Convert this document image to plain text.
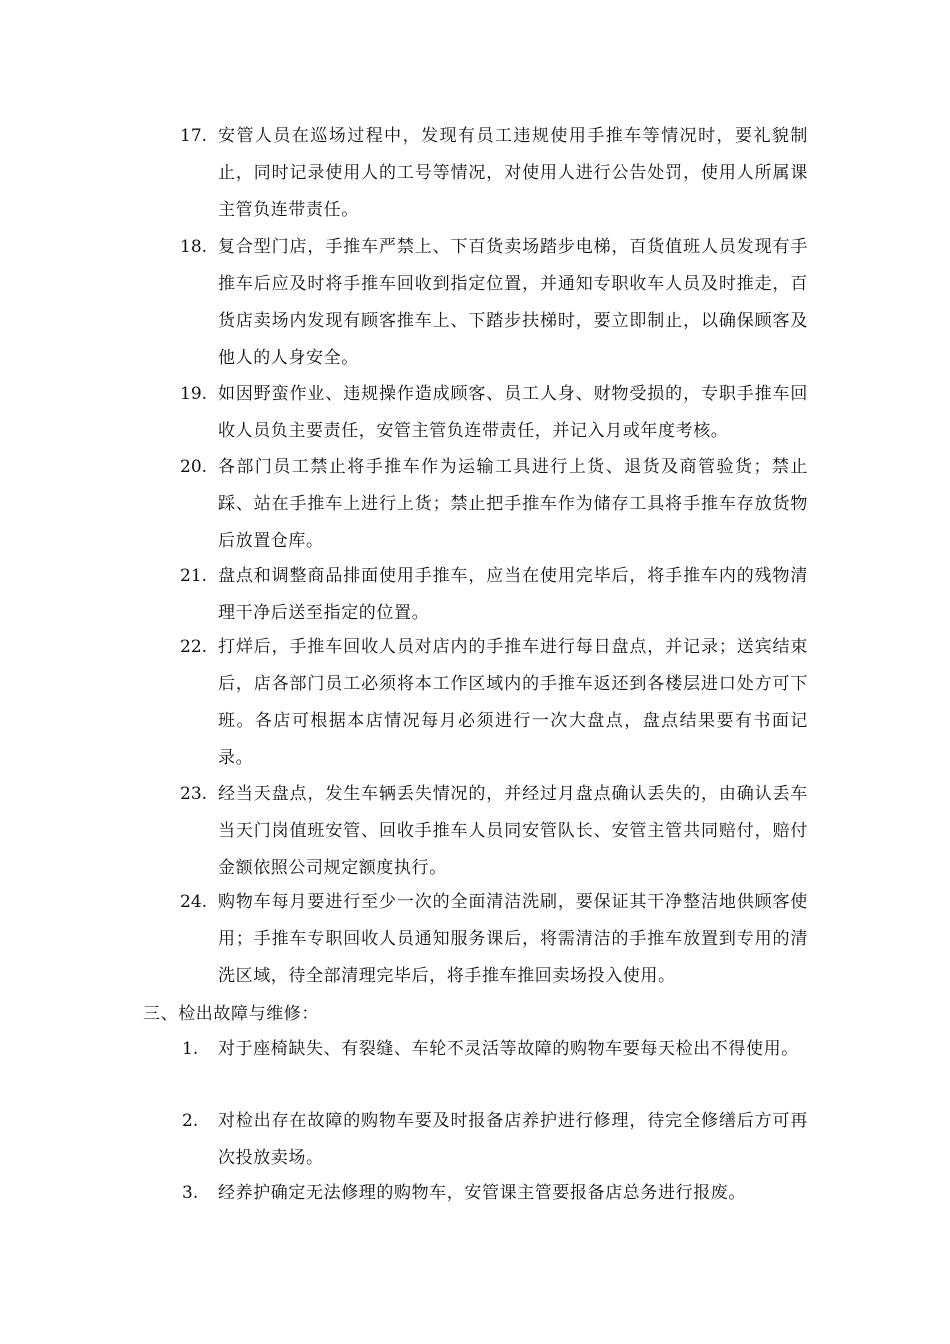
17. 安管人员在巡场过程中，发现有员工违规使用手推车等情况时，要礼貌制止，同时记录使用人的工号等情况，对使用人进行公告处罚，使用人所属课主管负连带责任。
18. 复合型门店，手推车严禁上、下百货卖场踏步电梯，百货值班人员发现有手推车后应及时将手推车回收到指定位置，并通知专职收车人员及时推走，百货店卖场内发现有顾客推车上、下踏步扶梯时，要立即制止，以确保顾客及他人的人身安全。
19. 如因野蛮作业、违规操作造成顾客、员工人身、财物受损的，专职手推车回收人员负主要责任，安管主管负连带责任，并记入月或年度考核。
20. 各部门员工禁止将手推车作为运输工具进行上货、退货及商管验货；禁止踩、站在手推车上进行上货；禁止把手推车作为储存工具将手推车存放货物后放置仓库。
21. 盘点和调整商品排面使用手推车，应当在使用完毕后，将手推车内的残物清理干净后送至指定的位置。
22. 打烊后，手推车回收人员对店内的手推车进行每日盘点，并记录；送宾结束后，店各部门员工必须将本工作区域内的手推车返还到各楼层进口处方可下班。各店可根据本店情况每月必须进行一次大盘点，盘点结果要有书面记录。
23. 经当天盘点，发生车辆丢失情况的，并经过月盘点确认丢失的，由确认丢车当天门岗值班安管、回收手推车人员同安管队长、安管主管共同赔付，赔付金额依照公司规定额度执行。
24. 购物车每月要进行至少一次的全面清洁洗刷，要保证其干净整洁地供顾客使用；手推车专职回收人员通知服务课后，将需清洁的手推车放置到专用的清洗区域，待全部清理完毕后，将手推车推回卖场投入使用。
三、检出故障与维修：
1.	对于座椅缺失、有裂缝、车轮不灵活等故障的购物车要每天检出不得使用。
2.	对检出存在故障的购物车要及时报备店养护进行修理，待完全修缮后方可再次投放卖场。
3.	经养护确定无法修理的购物车，安管课主管要报备店总务进行报废。
